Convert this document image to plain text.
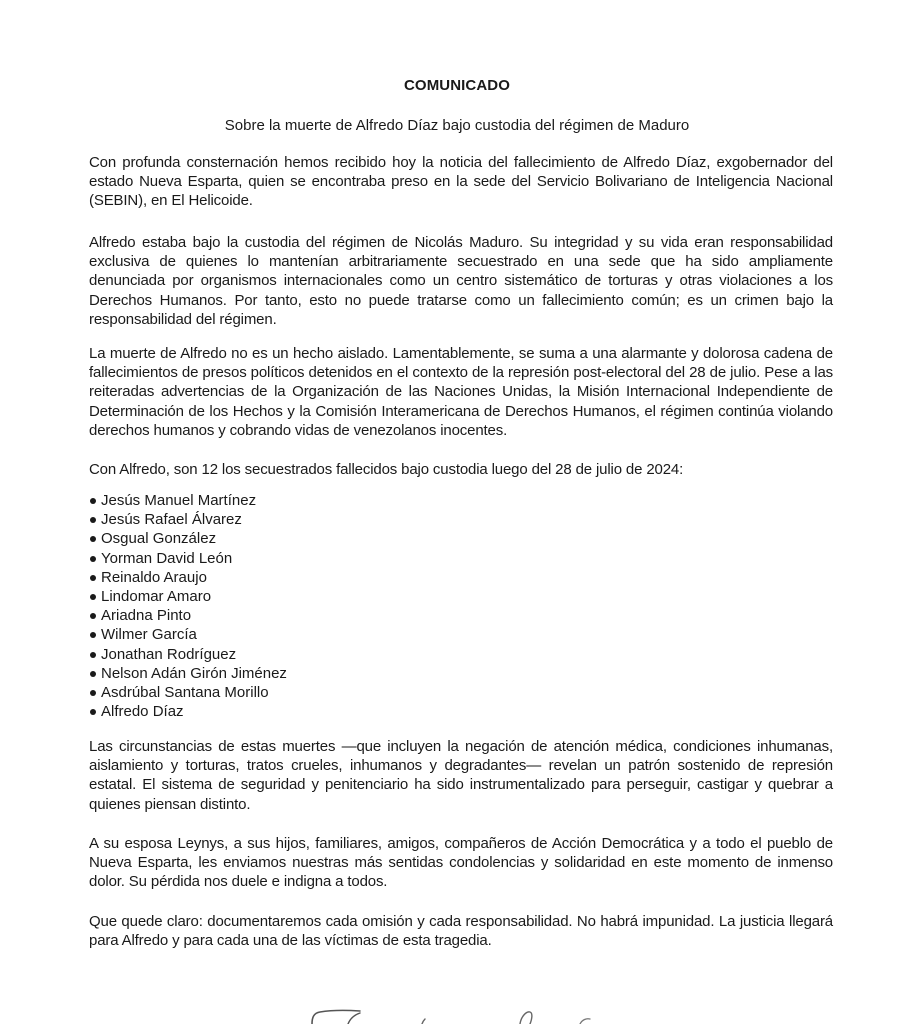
COMUNICADO
Sobre la muerte de Alfredo Díaz bajo custodia del régimen de Maduro

Con profunda consternación hemos recibido hoy la noticia del fallecimiento de Alfredo Díaz, exgobernador del estado Nueva Esparta, quien se encontraba preso en la sede del Servicio Bolivariano de Inteligencia Nacional (SEBIN), en El Helicoide.

Alfredo estaba bajo la custodia del régimen de Nicolás Maduro. Su integridad y su vida eran responsabilidad exclusiva de quienes lo mantenían arbitrariamente secuestrado en una sede que ha sido ampliamente denunciada por organismos internacionales como un centro sistemático de torturas y otras violaciones a los Derechos Humanos. Por tanto, esto no puede tratarse como un fallecimiento común; es un crimen bajo la responsabilidad del régimen.

La muerte de Alfredo no es un hecho aislado. Lamentablemente, se suma a una alarmante y dolorosa cadena de fallecimientos de presos políticos detenidos en el contexto de la represión post-electoral del 28 de julio. Pese a las reiteradas advertencias de la Organización de las Naciones Unidas, la Misión Internacional Independiente de Determinación de los Hechos y la Comisión Interamericana de Derechos Humanos, el régimen continúa violando derechos humanos y cobrando vidas de venezolanos inocentes.

Con Alfredo, son 12 los secuestrados fallecidos bajo custodia luego del 28 de julio de 2024:

Jesús Manuel Martínez
Jesús Rafael Álvarez
Osgual González
Yorman David León
Reinaldo Araujo
Lindomar Amaro
Ariadna Pinto
Wilmer García
Jonathan Rodríguez
Nelson Adán Girón Jiménez
Asdrúbal Santana Morillo
Alfredo Díaz

Las circunstancias de estas muertes —que incluyen la negación de atención médica, condiciones inhumanas, aislamiento y torturas, tratos crueles, inhumanos y degradantes— revelan un patrón sostenido de represión estatal. El sistema de seguridad y penitenciario ha sido instrumentalizado para perseguir, castigar y quebrar a quienes piensan distinto.

A su esposa Leynys, a sus hijos, familiares, amigos, compañeros de Acción Democrática y a todo el pueblo de Nueva Esparta, les enviamos nuestras más sentidas condolencias y solidaridad en este momento de inmenso dolor. Su pérdida nos duele e indigna a todos.

Que quede claro: documentaremos cada omisión y cada responsabilidad. No habrá impunidad. La justicia llegará para Alfredo y para cada una de las víctimas de esta tragedia.
